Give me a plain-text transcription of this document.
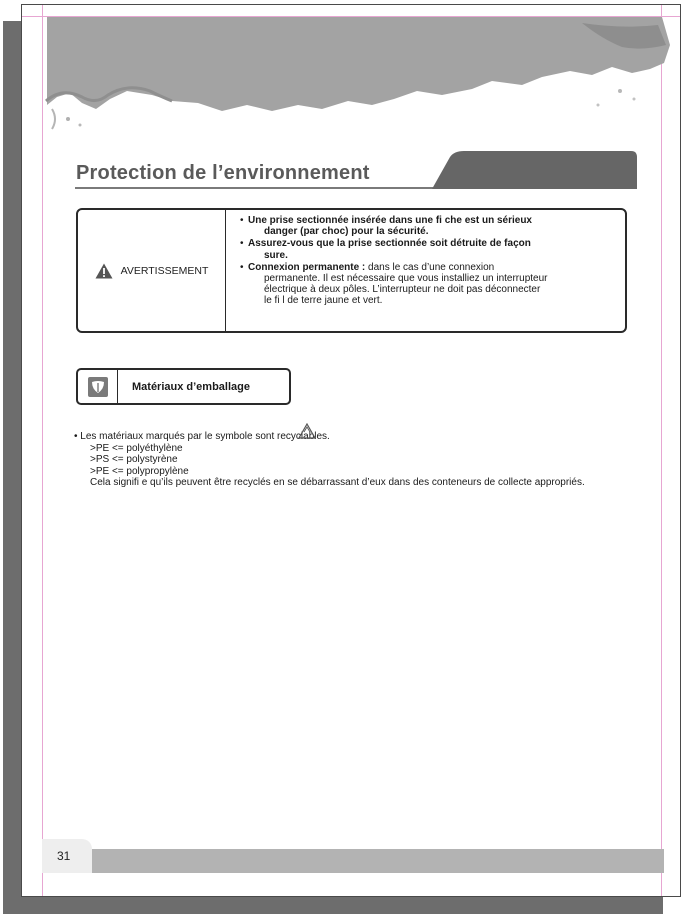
Protection de l’environnement
AVERTISSEMENT
• Une prise sectionnée insérée dans une fi che est un sérieux
danger (par choc) pour la sécurité.
• Assurez-vous que la prise sectionnée soit détruite de façon
sure.
• Connexion permanente : dans le cas d’une connexion
permanente. Il est nécessaire que vous installiez un interrupteur
électrique à deux pôles. L’interrupteur ne doit pas déconnecter
le fi l de terre jaune et vert.
Matériaux d’emballage
• Les matériaux marqués par le symbole sont recyclables.
>PE <= polyéthylène
>PS <= polystyrène
>PE <= polypropylène
Cela signifi e qu’ils peuvent être recyclés en se débarrassant d’eux dans des conteneurs de collecte appropriés.
31
